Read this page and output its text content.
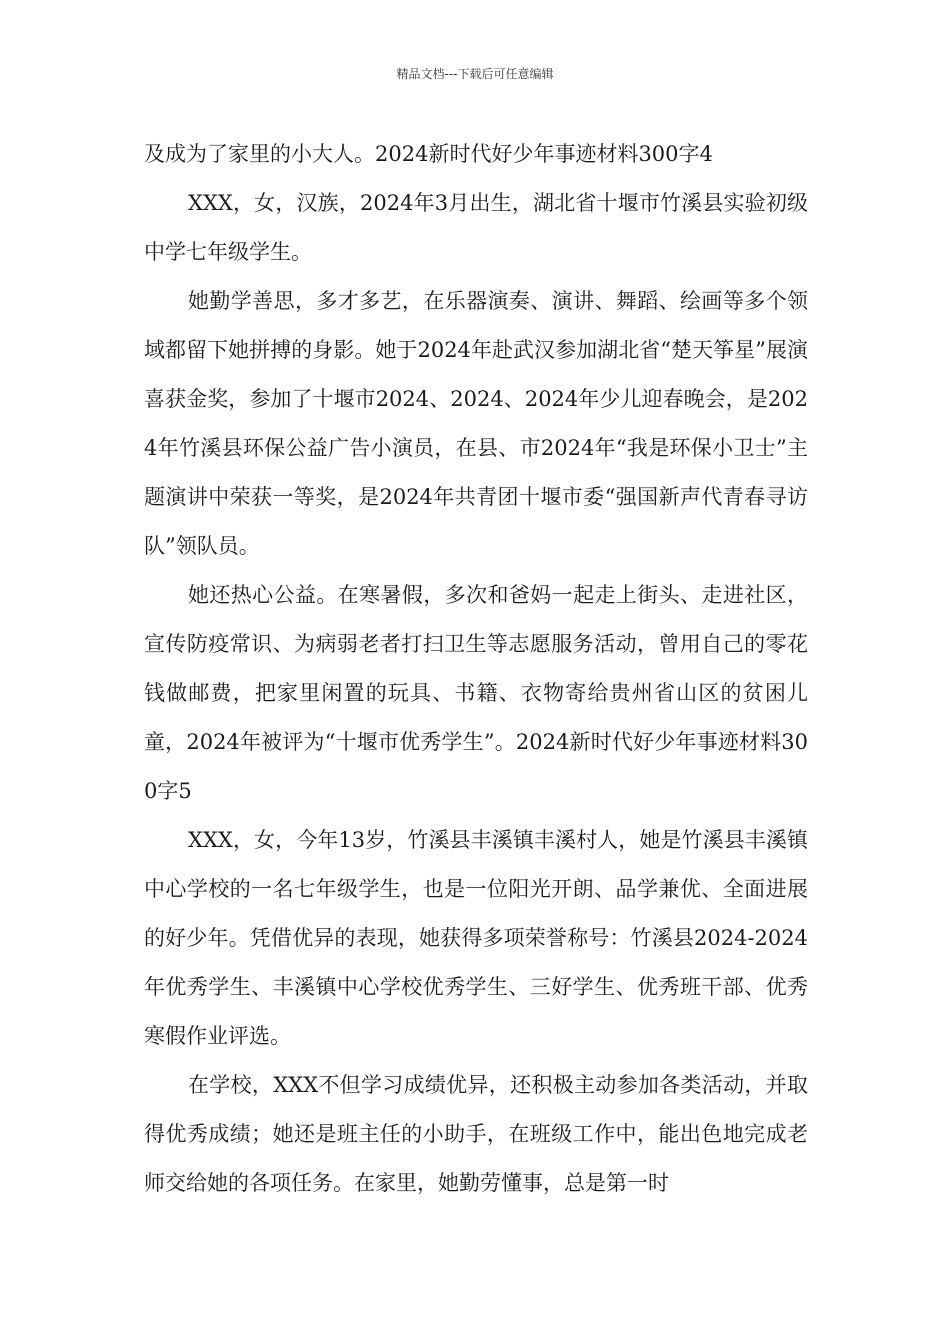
精品文档---下载后可任意编辑

及成为了家里的小大人。2024新时代好少年事迹材料300字4

XXX，女，汉族，2024年3月出生，湖北省十堰市竹溪县实验初级中学七年级学生。

她勤学善思，多才多艺，在乐器演奏、演讲、舞蹈、绘画等多个领域都留下她拼搏的身影。她于2024年赴武汉参加湖北省“楚天筝星”展演喜获金奖，参加了十堰市2024、2024、2024年少儿迎春晚会，是2024年竹溪县环保公益广告小演员，在县、市2024年“我是环保小卫士”主题演讲中荣获一等奖，是2024年共青团十堰市委“强国新声代青春寻访队”领队员。

她还热心公益。在寒暑假，多次和爸妈一起走上街头、走进社区，宣传防疫常识、为病弱老者打扫卫生等志愿服务活动，曾用自己的零花钱做邮费，把家里闲置的玩具、书籍、衣物寄给贵州省山区的贫困儿童，2024年被评为“十堰市优秀学生”。2024新时代好少年事迹材料300字5

XXX，女，今年13岁，竹溪县丰溪镇丰溪村人，她是竹溪县丰溪镇中心学校的一名七年级学生，也是一位阳光开朗、品学兼优、全面进展的好少年。凭借优异的表现，她获得多项荣誉称号：竹溪县2024-2024年优秀学生、丰溪镇中心学校优秀学生、三好学生、优秀班干部、优秀寒假作业评选。

在学校，XXX不但学习成绩优异，还积极主动参加各类活动，并取得优秀成绩；她还是班主任的小助手，在班级工作中，能出色地完成老师交给她的各项任务。在家里，她勤劳懂事，总是第一时
